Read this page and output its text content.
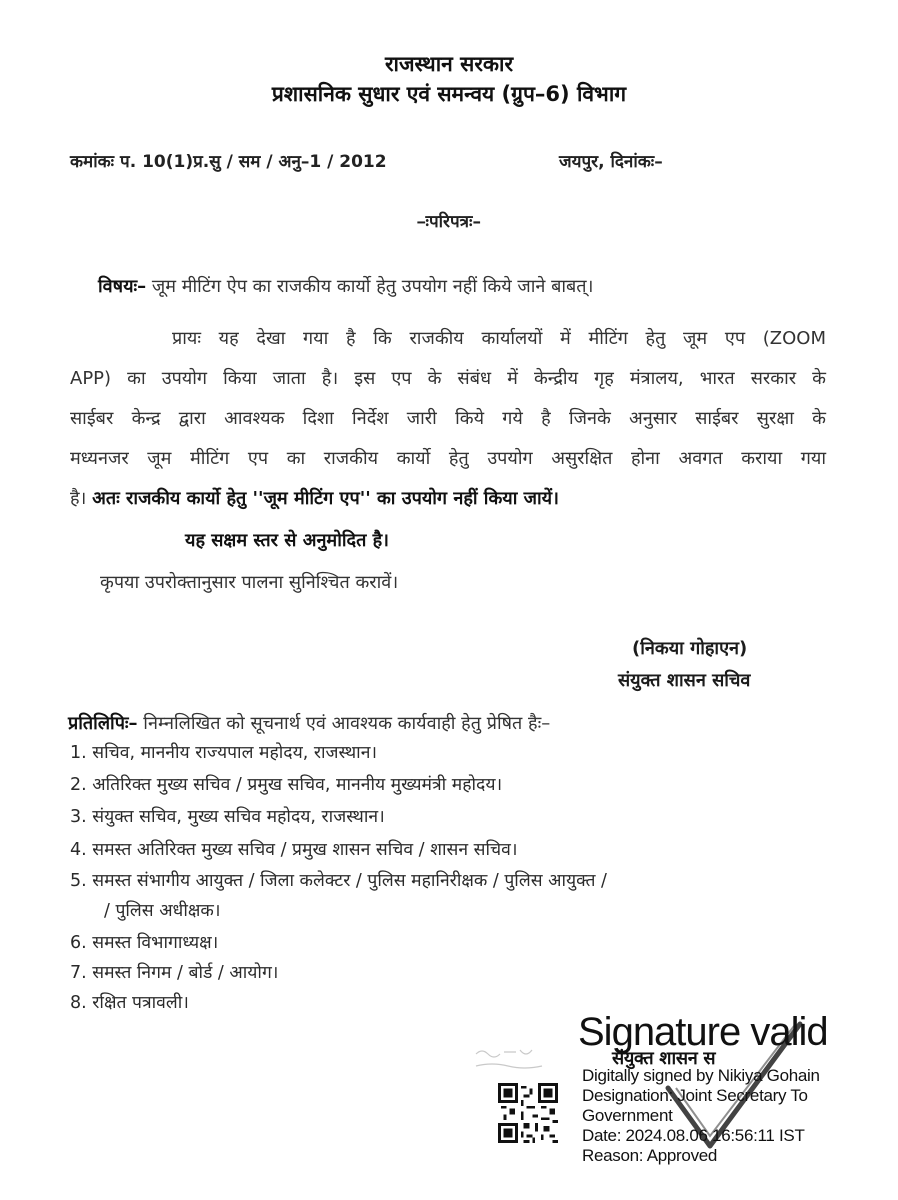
राजस्थान सरकार
प्रशासनिक सुधार एवं समन्वय (ग्रुप–6) विभाग
कमांकः प. 10(1)प्र.सु / सम / अनु–1 / 2012	जयपुर, दिनांकः–
–ःपरिपत्रः–
विषयः– जूम मीटिंग ऐप का राजकीय कार्यो हेतु उपयोग नहीं किये जाने बाबत्।
प्रायः यह देखा गया है कि राजकीय कार्यालयों में मीटिंग हेतु जूम एप (ZOOM
APP) का उपयोग किया जाता है। इस एप के संबंध में केन्द्रीय गृह मंत्रालय, भारत सरकार के
साईबर केन्द्र द्वारा आवश्यक दिशा निर्देश जारी किये गये है जिनके अनुसार साईबर सुरक्षा के
मध्यनजर जूम मीटिंग एप का राजकीय कार्यो हेतु उपयोग असुरक्षित होना अवगत कराया गया
है। अतः राजकीय कार्यो हेतु ''जूम मीटिंग एप'' का उपयोग नहीं किया जायें।
यह सक्षम स्तर से अनुमोदित है।
कृपया उपरोक्तानुसार पालना सुनिश्चित करावें।
(निकया गोहाएन)
संयुक्त शासन सचिव
प्रतिलिपिः– निम्नलिखित को सूचनार्थ एवं आवश्यक कार्यवाही हेतु प्रेषित हैः–
1. सचिव, माननीय राज्यपाल महोदय, राजस्थान।
2. अतिरिक्त मुख्य सचिव / प्रमुख सचिव, माननीय मुख्यमंत्री महोदय।
3. संयुक्त सचिव, मुख्य सचिव महोदय, राजस्थान।
4. समस्त अतिरिक्त मुख्य सचिव / प्रमुख शासन सचिव / शासन सचिव।
5. समस्त संभागीय आयुक्त / जिला कलेक्टर / पुलिस महानिरीक्षक / पुलिस आयुक्त /
/ पुलिस अधीक्षक।
6. समस्त विभागाध्यक्ष।
7. समस्त निगम / बोर्ड / आयोग।
8. रक्षित पत्रावली।
Signature valid
संयुक्त शासन स
Digitally signed by Nikiya Gohain
Designation: Joint Secretary To
Government
Date: 2024.08.06 16:56:11 IST
Reason: Approved
